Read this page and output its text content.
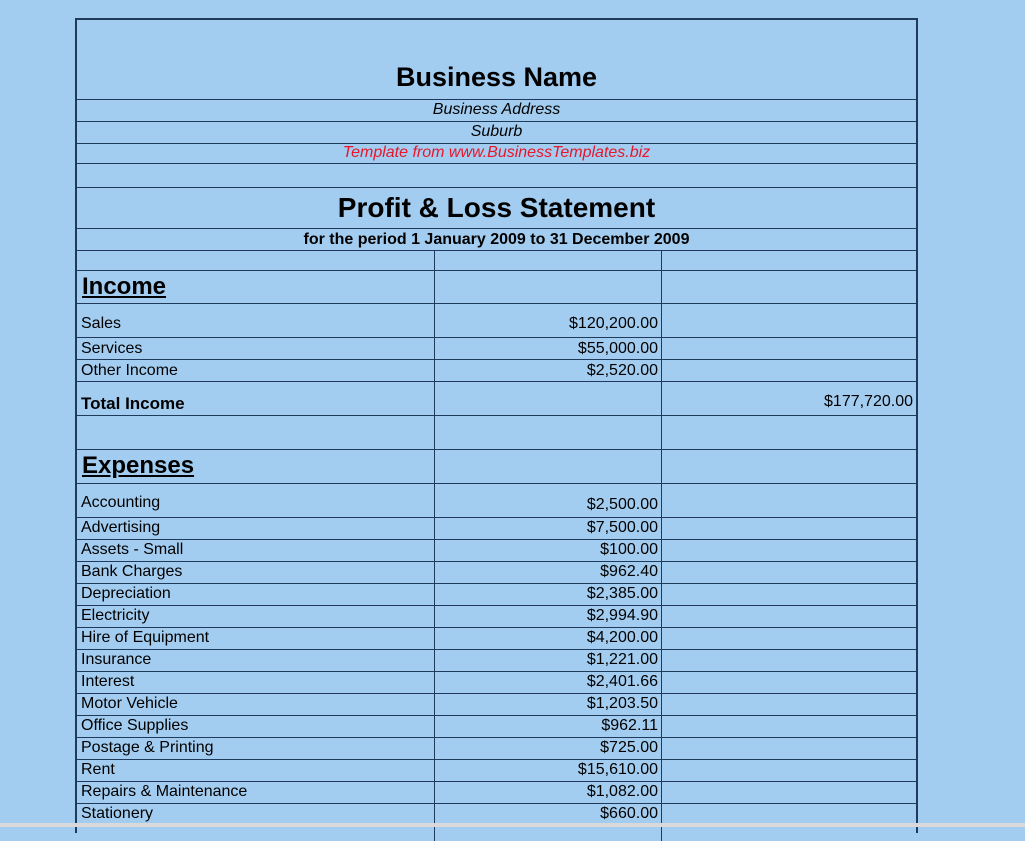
Business Name
Business Address
Suburb
Template from www.BusinessTemplates.biz
Profit & Loss Statement
for the period 1 January 2009 to 31 December 2009
Income
Sales	$120,200.00
Services	$55,000.00
Other Income	$2,520.00
Total Income	$177,720.00
Expenses
Accounting	$2,500.00
Advertising	$7,500.00
Assets - Small	$100.00
Bank Charges	$962.40
Depreciation	$2,385.00
Electricity	$2,994.90
Hire of Equipment	$4,200.00
Insurance	$1,221.00
Interest	$2,401.66
Motor Vehicle	$1,203.50
Office Supplies	$962.11
Postage & Printing	$725.00
Rent	$15,610.00
Repairs & Maintenance	$1,082.00
Stationery	$660.00
